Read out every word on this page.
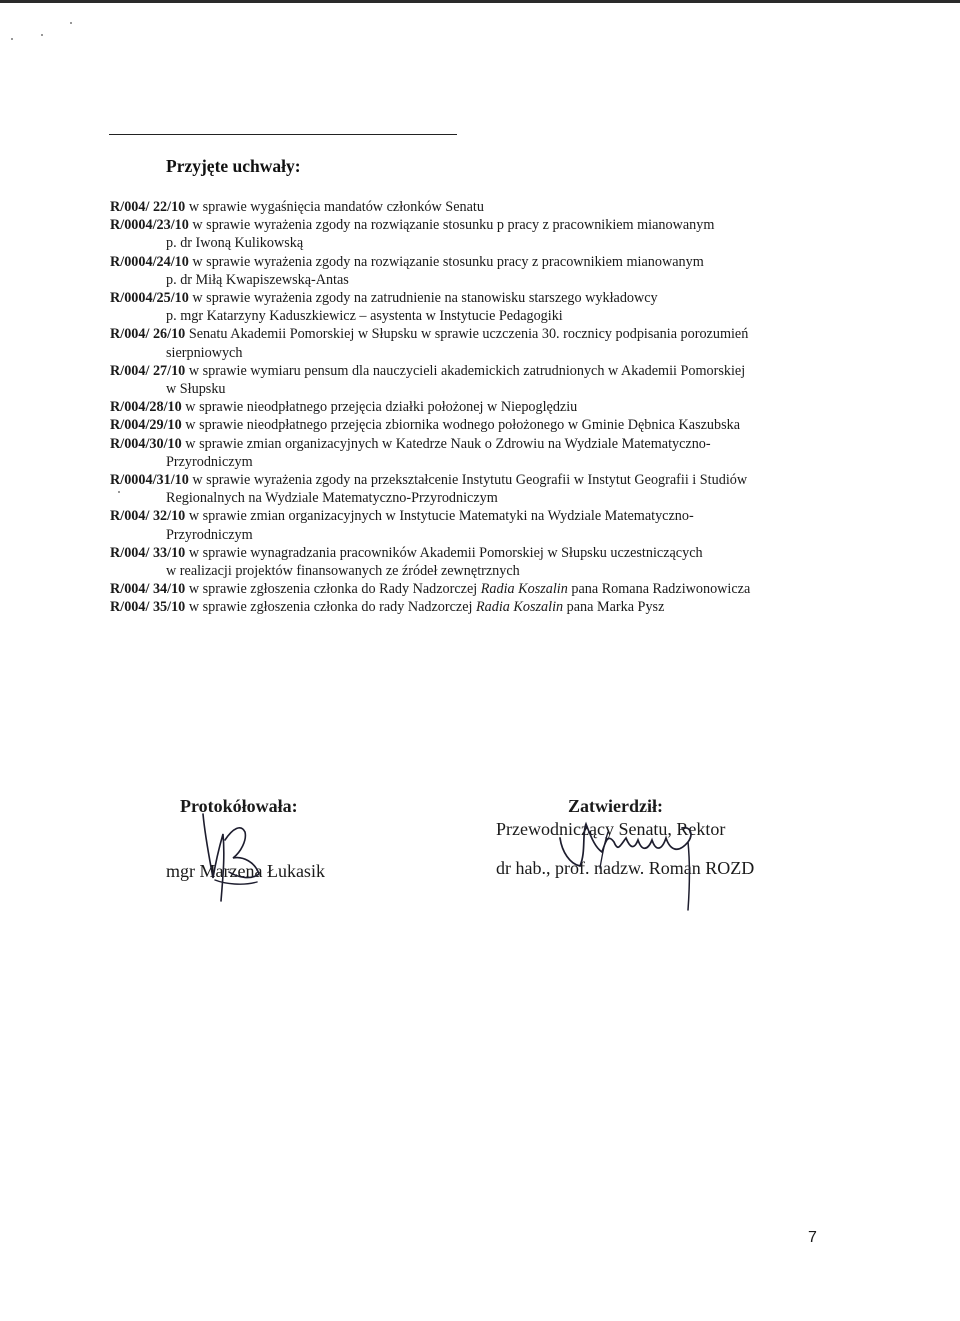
Przyjęte uchwały:

R/004/ 22/10 w sprawie wygaśnięcia mandatów członków Senatu

R/0004/23/10 w sprawie wyrażenia zgody na rozwiązanie stosunku p pracy z pracownikiem mianowanym
p. dr Iwoną Kulikowską

R/0004/24/10 w sprawie wyrażenia zgody na rozwiązanie stosunku pracy z pracownikiem mianowanym
p. dr Miłą Kwapiszewską-Antas

R/0004/25/10 w sprawie wyrażenia zgody na zatrudnienie na stanowisku starszego wykładowcy
p. mgr Katarzyny Kaduszkiewicz – asystenta w Instytucie Pedagogiki

R/004/ 26/10 Senatu Akademii Pomorskiej w Słupsku w sprawie uczczenia 30. rocznicy podpisania porozumień
sierpniowych

R/004/ 27/10 w sprawie wymiaru pensum dla nauczycieli akademickich zatrudnionych w Akademii Pomorskiej
w Słupsku

R/004/28/10 w sprawie nieodpłatnego przejęcia działki położonej w Niepoględziu

R/004/29/10 w sprawie nieodpłatnego przejęcia zbiornika wodnego położonego w Gminie Dębnica Kaszubska

R/004/30/10 w sprawie zmian organizacyjnych w Katedrze Nauk o Zdrowiu na Wydziale Matematyczno-
Przyrodniczym

R/0004/31/10 w sprawie wyrażenia zgody na przekształcenie Instytutu Geografii w Instytut Geografii i Studiów
Regionalnych na Wydziale Matematyczno-Przyrodniczym

R/004/ 32/10 w sprawie zmian organizacyjnych w Instytucie Matematyki na Wydziale Matematyczno-
Przyrodniczym

R/004/ 33/10 w sprawie wynagradzania pracowników Akademii Pomorskiej w Słupsku uczestniczących
w realizacji projektów finansowanych ze źródeł zewnętrznych

R/004/ 34/10 w sprawie zgłoszenia członka do Rady Nadzorczej Radia Koszalin pana Romana Radziwonowicza

R/004/ 35/10 w sprawie zgłoszenia członka do rady Nadzorczej Radia Koszalin pana Marka Pysz

Protokółowała:

mgr Marzena Łukasik

Zatwierdził:

Przewodniczący Senatu, Rektor

dr hab., prof. nadzw. Roman ROZD

7
